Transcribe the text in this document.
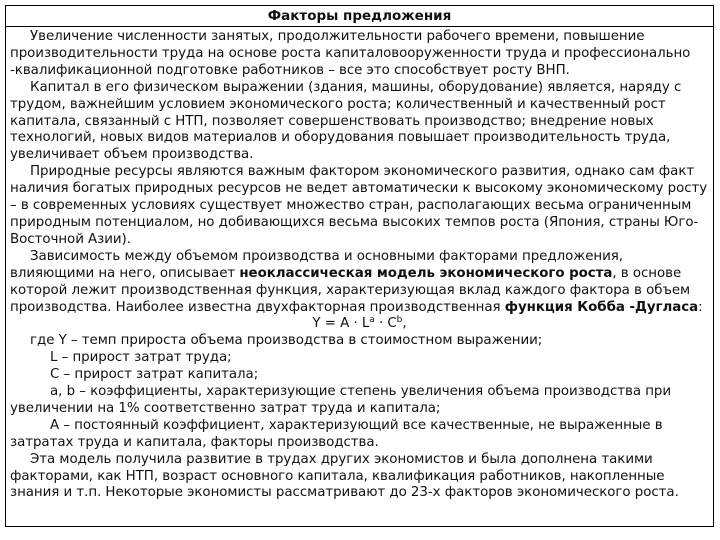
Факторы предложения

Увеличение численности занятых, продолжительности рабочего времени, повышение производительности труда на основе роста капиталовооруженности труда и профессионально -квалификационной подготовке работников – все это способствует росту ВНП.

Капитал в его физическом выражении (здания, машины, оборудование) является, наряду с трудом, важнейшим условием экономического роста; количественный и качественный рост капитала, связанный с НТП, позволяет совершенствовать производство; внедрение новых технологий, новых видов материалов и оборудования повышает производительность труда, увеличивает объем производства.

Природные ресурсы являются важным фактором экономического развития, однако сам факт наличия богатых природных ресурсов не ведет автоматически к высокому экономическому росту – в современных условиях существует множество стран, располагающих весьма ограниченным природным потенциалом, но добивающихся весьма высоких темпов роста (Япония, страны Юго-Восточной Азии).

Зависимость между объемом производства и основными факторами предложения, влияющими на него, описывает неоклассическая модель экономического роста, в основе которой лежит производственная функция, характеризующая вклад каждого фактора в объем производства. Наиболее известна двухфакторная производственная функция Кобба -Дугласа:

$Y = A \cdot L^a \cdot C^b$,

где Y – темп прироста объема производства в стоимостном выражении;

L – прирост затрат труда;

C – прирост затрат капитала;

a, b – коэффициенты, характеризующие степень увеличения объема производства при увеличении на 1% соответственно затрат труда и капитала;

A – постоянный коэффициент, характеризующий все качественные, не выраженные в затратах труда и капитала, факторы производства.

Эта модель получила развитие в трудах других экономистов и была дополнена такими факторами, как НТП, возраст основного капитала, квалификация работников, накопленные знания и т.п. Некоторые экономисты рассматривают до 23-х факторов экономического роста.
